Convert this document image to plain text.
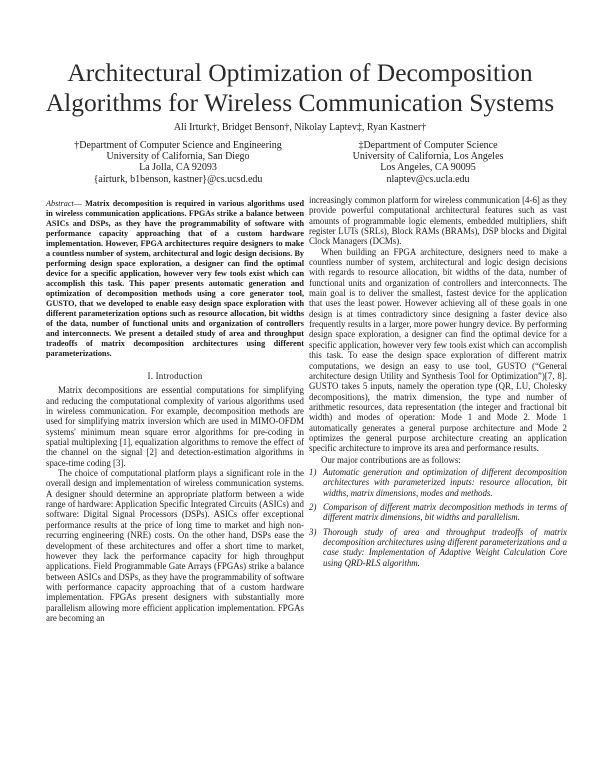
Architectural Optimization of Decomposition Algorithms for Wireless Communication Systems
Ali Irturk†, Bridget Benson†, Nikolay Laptev‡, Ryan Kastner†
†Department of Computer Science and Engineering
University of California, San Diego
La Jolla, CA 92093
{airturk, b1benson, kastner}@cs.ucsd.edu
‡Department of Computer Science
University of California, Los Angeles
Los Angeles, CA 90095
nlaptev@cs.ucla.edu
Abstract— Matrix decomposition is required in various algorithms used in wireless communication applications. FPGAs strike a balance between ASICs and DSPs, as they have the programmability of software with performance capacity approaching that of a custom hardware implementation. However, FPGA architectures require designers to make a countless number of system, architectural and logic design decisions. By performing design space exploration, a designer can find the optimal device for a specific application, however very few tools exist which can accomplish this task. This paper presents automatic generation and optimization of decomposition methods using a core generator tool, GUSTO, that we developed to enable easy design space exploration with different parameterization options such as resource allocation, bit widths of the data, number of functional units and organization of controllers and interconnects. We present a detailed study of area and throughput tradeoffs of matrix decomposition architectures using different parameterizations.
I. Introduction

Matrix decompositions are essential computations for simplifying and reducing the computational complexity of various algorithms used in wireless communication. For example, decomposition methods are used for simplifying matrix inversion which are used in MIMO-OFDM systems' minimum mean square error algorithms for pre-coding in spatial multiplexing [1], equalization algorithms to remove the effect of the channel on the signal [2] and detection-estimation algorithms in space-time coding [3].

The choice of computational platform plays a significant role in the overall design and implementation of wireless communication systems. A designer should determine an appropriate platform between a wide range of hardware: Application Specific Integrated Circuits (ASICs) and software: Digital Signal Processors (DSPs). ASICs offer exceptional performance results at the price of long time to market and high non-recurring engineering (NRE) costs. On the other hand, DSPs ease the development of these architectures and offer a short time to market, however they lack the performance capacity for high throughput applications. Field Programmable Gate Arrays (FPGAs) strike a balance between ASICs and DSPs, as they have the programmability of software with performance capacity approaching that of a custom hardware implementation. FPGAs present designers with substantially more parallelism allowing more efficient application implementation. FPGAs are becoming an

increasingly common platform for wireless communication [4-6] as they provide powerful computational architectural features such as vast amounts of programmable logic elements, embedded multipliers, shift register LUTs (SRLs), Block RAMs (BRAMs), DSP blocks and Digital Clock Managers (DCMs).

When building an FPGA architecture, designers need to make a countless number of system, architectural and logic design decisions with regards to resource allocation, bit widths of the data, number of functional units and organization of controllers and interconnects. The main goal is to deliver the smallest, fastest device for the application that uses the least power. However achieving all of these goals in one design is at times contradictory since designing a faster device also frequently results in a larger, more power hungry device. By performing design space exploration, a designer can find the optimal device for a specific application, however very few tools exist which can accomplish this task. To ease the design space exploration of different matrix computations, we design an easy to use tool, GUSTO (“General architecture design Utility and Synthesis Tool for Optimization”)[7, 8]. GUSTO takes 5 inputs, namely the operation type (QR, LU, Cholesky decompositions), the matrix dimension, the type and number of arithmetic resources, data representation (the integer and fractional bit width) and modes of operation: Mode 1 and Mode 2. Mode 1 automatically generates a general purpose architecture and Mode 2 optimizes the general purpose architecture creating an application specific architecture to improve its area and performance results.

Our major contributions are as follows:
1) Automatic generation and optimization of different decomposition architectures with parameterized inputs: resource allocation, bit widths, matrix dimensions, modes and methods.
2) Comparison of different matrix decomposition methods in terms of different matrix dimensions, bit widths and parallelism.
3) Thorough study of area and throughput tradeoffs of matrix decomposition architectures using different parameterizations and a case study: Implementation of Adaptive Weight Calculation Core using QRD-RLS algorithm.
